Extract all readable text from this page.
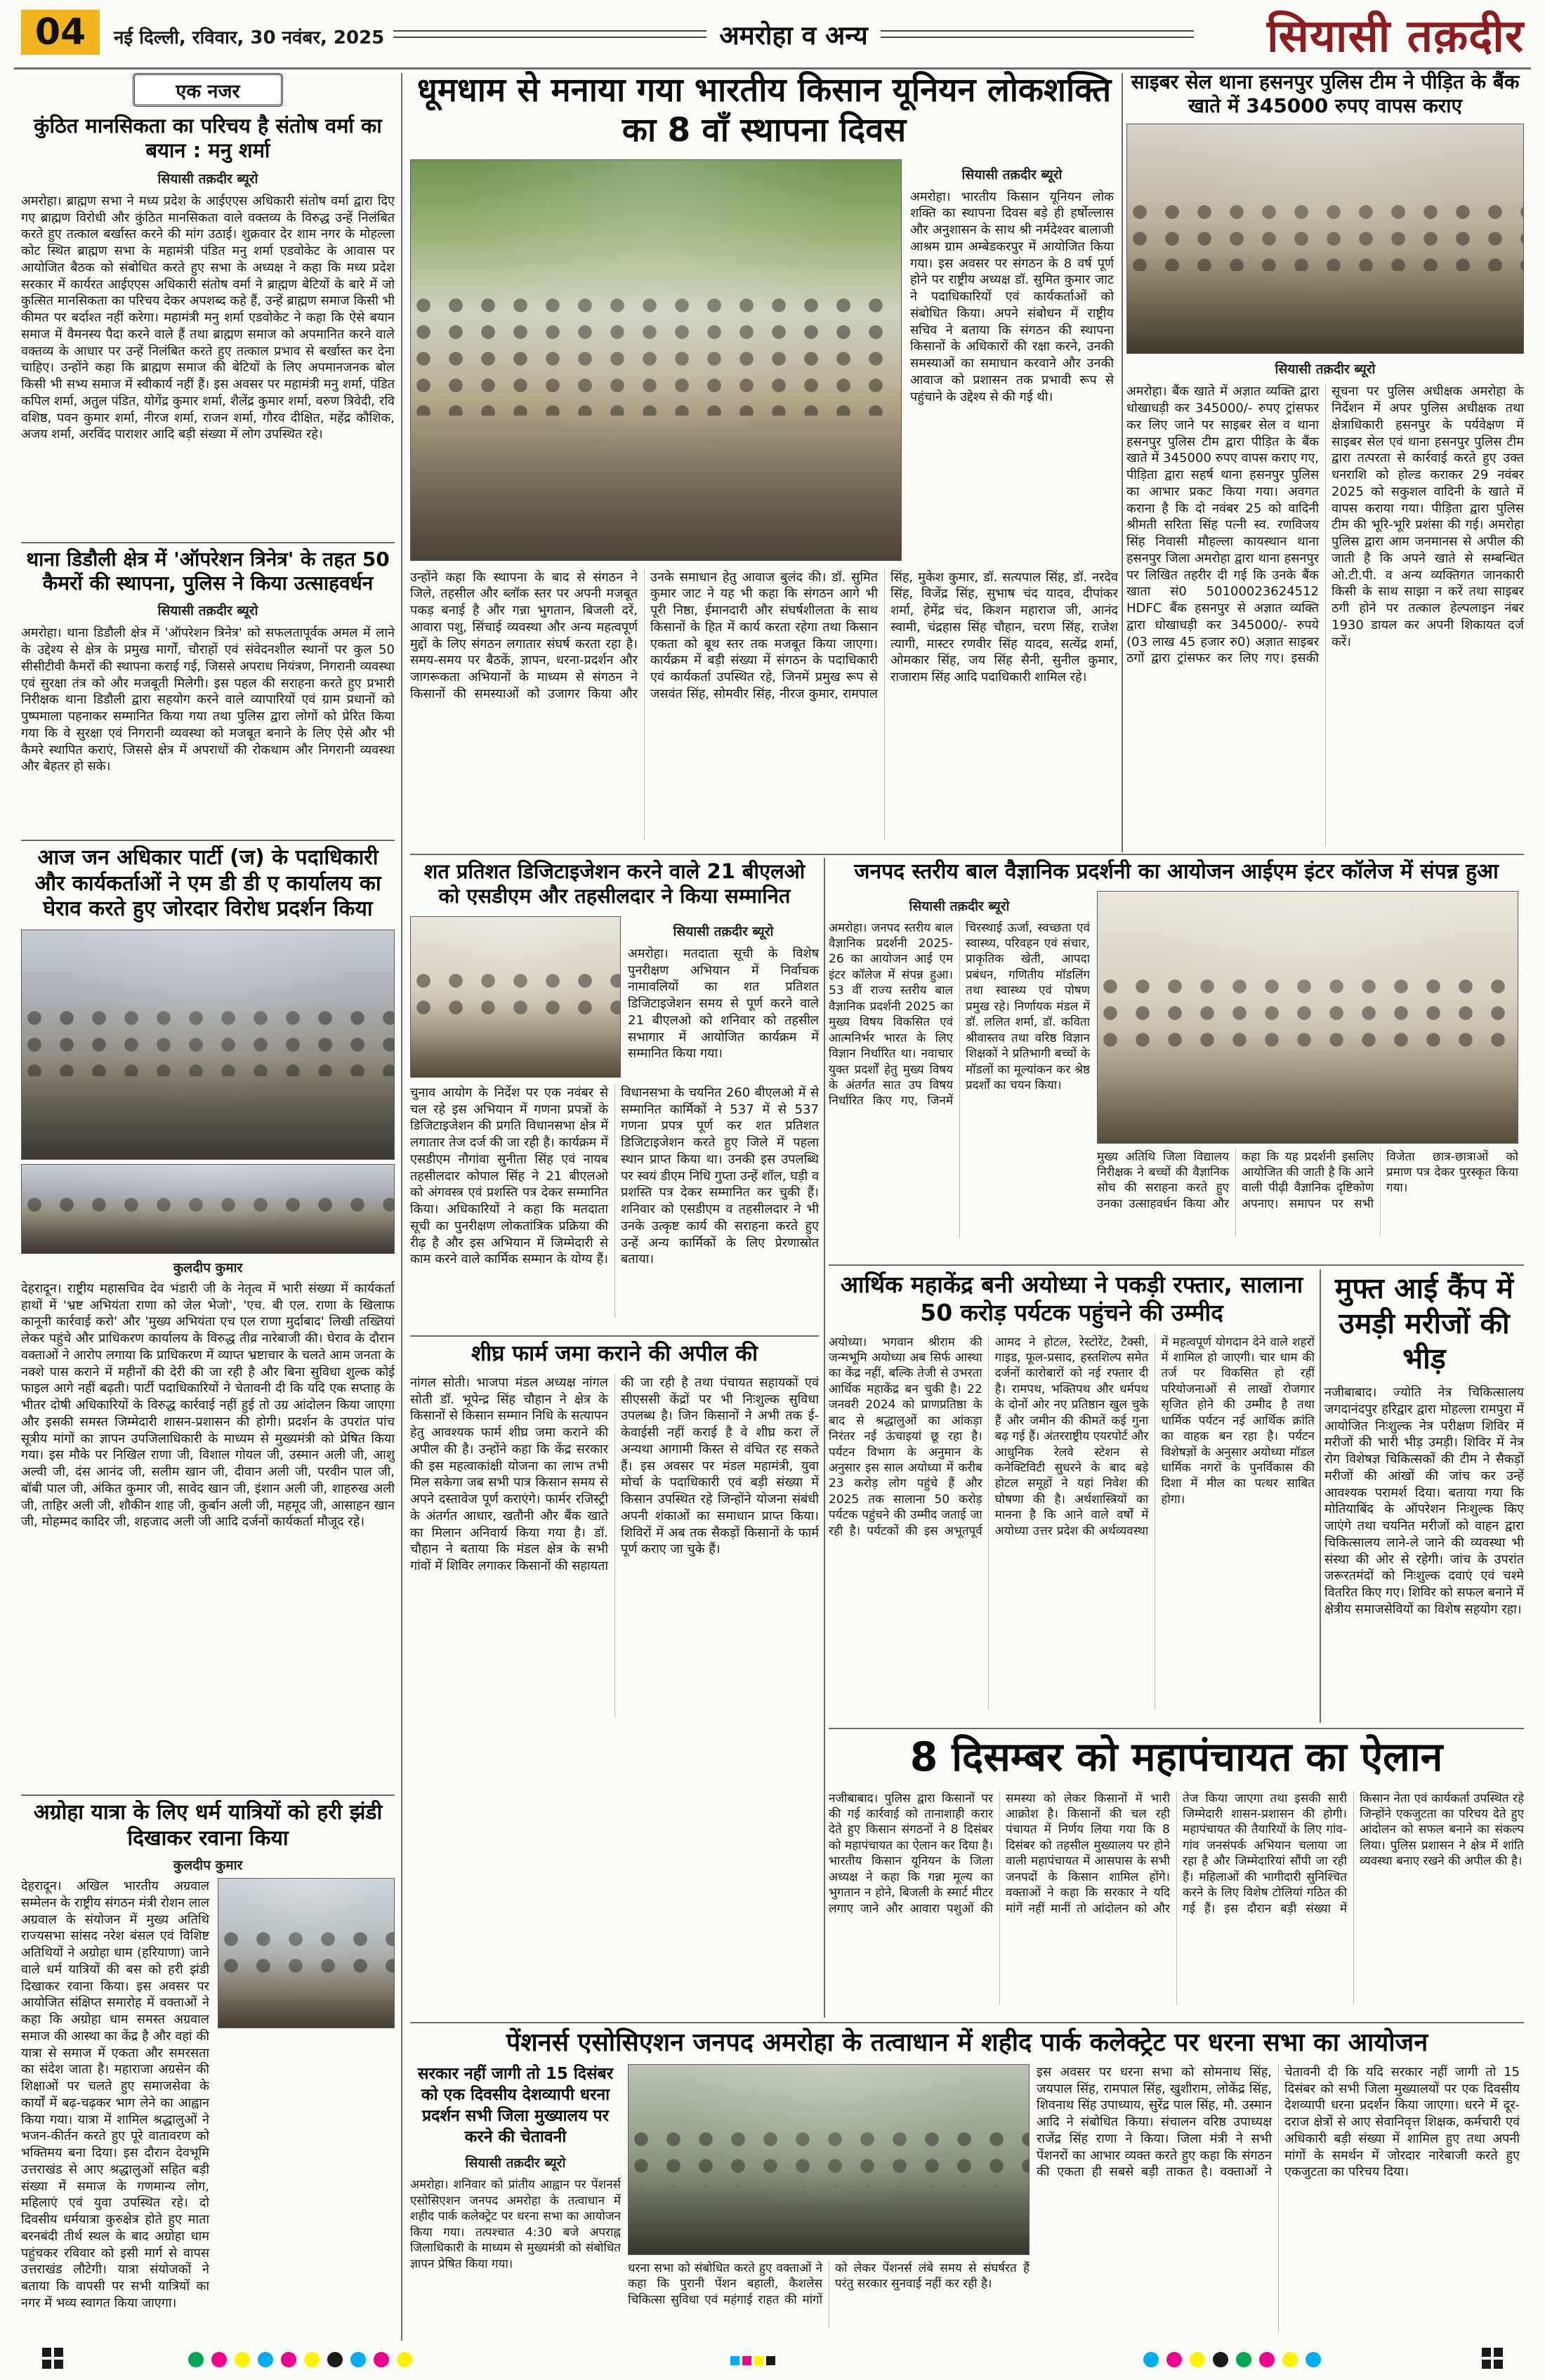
04	नई दिल्ली, रविवार, 30 नवंबर, 2025	अमरोहा व अन्य	सियासी तक़दीर
एक नजर
कुंठित मानसिकता का परिचय है संतोष वर्मा का बयान : मनु शर्मा
सियासी तक़दीर ब्यूरो
अमरोहा। ब्राह्मण सभा ने मध्य प्रदेश के आईएएस अधिकारी संतोष वर्मा द्वारा दिए गए ब्राह्मण विरोधी और कुंठित मानसिकता वाले वक्तव्य के विरुद्ध उन्हें निलंबित करते हुए तत्काल बर्खास्त करने की मांग उठाई। शुक्रवार देर शाम नगर के मोहल्ला कोट स्थित ब्राह्मण सभा के महामंत्री पंडित मनु शर्मा एडवोकेट के आवास पर आयोजित बैठक को संबोधित करते हुए सभा के अध्यक्ष ने कहा कि मध्य प्रदेश सरकार में कार्यरत आईएएस अधिकारी संतोष वर्मा ने ब्राह्मण बेटियों के बारे में जो कुत्सित मानसिकता का परिचय देकर अपशब्द कहे हैं, उन्हें ब्राह्मण समाज किसी भी कीमत पर बर्दाश्त नहीं करेगा। महामंत्री मनु शर्मा एडवोकेट ने कहा कि ऐसे बयान समाज में वैमनस्य पैदा करने वाले हैं तथा ब्राह्मण समाज को अपमानित करने वाले वक्तव्य के आधार पर उन्हें निलंबित करते हुए तत्काल प्रभाव से बर्खास्त कर देना चाहिए। उन्होंने कहा कि ब्राह्मण समाज की बेटियों के लिए अपमानजनक बोल किसी भी सभ्य समाज में स्वीकार्य नहीं हैं। इस अवसर पर महामंत्री मनु शर्मा, पंडित कपिल शर्मा, अतुल पंडित, योगेंद्र कुमार शर्मा, शैलेंद्र कुमार शर्मा, वरुण त्रिवेदी, रवि वशिष्ठ, पवन कुमार शर्मा, नीरज शर्मा, राजन शर्मा, गौरव दीक्षित, महेंद्र कौशिक, अजय शर्मा, अरविंद पाराशर आदि बड़ी संख्या में लोग उपस्थित रहे।
थाना डिडौली क्षेत्र में 'ऑपरेशन त्रिनेत्र' के तहत 50 कैमरों की स्थापना, पुलिस ने किया उत्साहवर्धन
सियासी तक़दीर ब्यूरो
अमरोहा। थाना डिडौली क्षेत्र में 'ऑपरेशन त्रिनेत्र' को सफलतापूर्वक अमल में लाने के उद्देश्य से क्षेत्र के प्रमुख मार्गों, चौराहों एवं संवेदनशील स्थानों पर कुल 50 सीसीटीवी कैमरों की स्थापना कराई गई, जिससे अपराध नियंत्रण, निगरानी व्यवस्था एवं सुरक्षा तंत्र को और मजबूती मिलेगी। इस पहल की सराहना करते हुए प्रभारी निरीक्षक थाना डिडौली द्वारा सहयोग करने वाले व्यापारियों एवं ग्राम प्रधानों को पुष्पमाला पहनाकर सम्मानित किया गया तथा पुलिस द्वारा लोगों को प्रेरित किया गया कि वे सुरक्षा एवं निगरानी व्यवस्था को मजबूत बनाने के लिए ऐसे और भी कैमरे स्थापित कराएं, जिससे क्षेत्र में अपराधों की रोकथाम और निगरानी व्यवस्था और बेहतर हो सके।
आज जन अधिकार पार्टी (ज) के पदाधिकारी और कार्यकर्ताओं ने एम डी डी ए कार्यालय का घेराव करते हुए जोरदार विरोध प्रदर्शन किया
कुलदीप कुमार
देहरादून। राष्ट्रीय महासचिव देव भंडारी जी के नेतृत्व में भारी संख्या में कार्यकर्ता हाथों में 'भ्रष्ट अभियंता राणा को जेल भेजो', 'एच. बी एल. राणा के खिलाफ कानूनी कार्रवाई करो' और 'मुख्य अभियंता एच एल राणा मुर्दाबाद' लिखी तख्तियां लेकर पहुंचे और प्राधिकरण कार्यालय के विरुद्ध तीव्र नारेबाजी की। घेराव के दौरान वक्ताओं ने आरोप लगाया कि प्राधिकरण में व्याप्त भ्रष्टाचार के चलते आम जनता के नक्शे पास कराने में महीनों की देरी की जा रही है और बिना सुविधा शुल्क कोई फाइल आगे नहीं बढ़ती। पार्टी पदाधिकारियों ने चेतावनी दी कि यदि एक सप्ताह के भीतर दोषी अधिकारियों के विरुद्ध कार्रवाई नहीं हुई तो उग्र आंदोलन किया जाएगा और इसकी समस्त जिम्मेदारी शासन-प्रशासन की होगी। प्रदर्शन के उपरांत पांच सूत्रीय मांगों का ज्ञापन उपजिलाधिकारी के माध्यम से मुख्यमंत्री को प्रेषित किया गया। इस मौके पर निखिल राणा जी, विशाल गोयल जी, उस्मान अली जी, आशु अल्वी जी, दंस आनंद जी, सलीम खान जी, दीवान अली जी, परवीन पाल जी, बॉबी पाल जी, अंकित कुमार जी, सावेद खान जी, इंशान अली जी, शाहरुख अली जी, ताहिर अली जी, शौकीन शाह जी, कुर्बान अली जी, महमूद जी, आसाहन खान जी, मोहम्मद कादिर जी, शहजाद अली जी आदि दर्जनों कार्यकर्ता मौजूद रहे।
अग्रोहा यात्रा के लिए धर्म यात्रियों को हरी झंडी दिखाकर रवाना किया
कुलदीप कुमार
देहरादून। अखिल भारतीय अग्रवाल सम्मेलन के राष्ट्रीय संगठन मंत्री रोशन लाल अग्रवाल के संयोजन में मुख्य अतिथि राज्यसभा सांसद नरेश बंसल एवं विशिष्ट अतिथियों ने अग्रोहा धाम (हरियाणा) जाने वाले धर्म यात्रियों की बस को हरी झंडी दिखाकर रवाना किया। इस अवसर पर आयोजित संक्षिप्त समारोह में वक्ताओं ने कहा कि अग्रोहा धाम समस्त अग्रवाल समाज की आस्था का केंद्र है और वहां की यात्रा से समाज में एकता और समरसता का संदेश जाता है। महाराजा अग्रसेन की शिक्षाओं पर चलते हुए समाजसेवा के कार्यों में बढ़-चढ़कर भाग लेने का आह्वान किया गया। यात्रा में शामिल श्रद्धालुओं ने भजन-कीर्तन करते हुए पूरे वातावरण को भक्तिमय बना दिया। इस दौरान देवभूमि उत्तराखंड से आए श्रद्धालुओं सहित बड़ी संख्या में समाज के गणमान्य लोग, महिलाएं एवं युवा उपस्थित रहे। दो दिवसीय धर्मयात्रा कुरुक्षेत्र होते हुए माता बरनबंदी तीर्थ स्थल के बाद अग्रोहा धाम पहुंचकर रविवार को इसी मार्ग से वापस उत्तराखंड लौटेगी। यात्रा संयोजकों ने बताया कि वापसी पर सभी यात्रियों का नगर में भव्य स्वागत किया जाएगा।
धूमधाम से मनाया गया भारतीय किसान यूनियन लोकशक्ति का 8 वाँ स्थापना दिवस
सियासी तक़दीर ब्यूरो
अमरोहा। भारतीय किसान यूनियन लोक शक्ति का स्थापना दिवस बड़े ही हर्षोल्लास और अनुशासन के साथ श्री नर्मदेश्वर बालाजी आश्रम ग्राम अम्बेडकरपुर में आयोजित किया गया। इस अवसर पर संगठन के 8 वर्ष पूर्ण होने पर राष्ट्रीय अध्यक्ष डॉ. सुमित कुमार जाट ने पदाधिकारियों एवं कार्यकर्ताओं को संबोधित किया। अपने संबोधन में राष्ट्रीय सचिव ने बताया कि संगठन की स्थापना किसानों के अधिकारों की रक्षा करने, उनकी समस्याओं का समाधान करवाने और उनकी आवाज को प्रशासन तक प्रभावी रूप से पहुंचाने के उद्देश्य से की गई थी।
उन्होंने कहा कि स्थापना के बाद से संगठन ने जिले, तहसील और ब्लॉक स्तर पर अपनी मजबूत पकड़ बनाई है और गन्ना भुगतान, बिजली दरें, आवारा पशु, सिंचाई व्यवस्था और अन्य महत्वपूर्ण मुद्दों के लिए संगठन लगातार संघर्ष करता रहा है। समय-समय पर बैठकें, ज्ञापन, धरना-प्रदर्शन और जागरूकता अभियानों के माध्यम से संगठन ने किसानों की समस्याओं को उजागर किया और उनके समाधान हेतु आवाज बुलंद की। डॉ. सुमित कुमार जाट ने यह भी कहा कि संगठन आगे भी पूरी निष्ठा, ईमानदारी और संघर्षशीलता के साथ किसानों के हित में कार्य करता रहेगा तथा किसान एकता को बूथ स्तर तक मजबूत किया जाएगा। कार्यक्रम में बड़ी संख्या में संगठन के पदाधिकारी एवं कार्यकर्ता उपस्थित रहे, जिनमें प्रमुख रूप से जसवंत सिंह, सोमवीर सिंह, नीरज कुमार, रामपाल सिंह, मुकेश कुमार, डॉ. सत्यपाल सिंह, डॉ. नरदेव सिंह, विजेंद्र सिंह, सुभाष चंद यादव, दीपांकर शर्मा, हेमेंद्र चंद, किशन महाराज जी, आनंद स्वामी, चंद्रहास सिंह चौहान, चरण सिंह, राजेश त्यागी, मास्टर रणवीर सिंह यादव, सत्येंद्र शर्मा, ओमकार सिंह, जय सिंह सैनी, सुनील कुमार, राजाराम सिंह आदि पदाधिकारी शामिल रहे।
साइबर सेल थाना हसनपुर पुलिस टीम ने पीड़ित के बैंक खाते में 345000 रुपए वापस कराए
सियासी तक़दीर ब्यूरो
अमरोहा। बैंक खाते में अज्ञात व्यक्ति द्वारा धोखाधड़ी कर 345000/- रुपए ट्रांसफर कर लिए जाने पर साइबर सेल व थाना हसनपुर पुलिस टीम द्वारा पीड़ित के बैंक खाते में 345000 रुपए वापस कराए गए, पीड़िता द्वारा सहर्ष थाना हसनपुर पुलिस का आभार प्रकट किया गया। अवगत कराना है कि दो नवंबर 25 को वादिनी श्रीमती सरिता सिंह पत्नी स्व. रणविजय सिंह निवासी मौहल्ला कायस्थान थाना हसनपुर जिला अमरोहा द्वारा थाना हसनपुर पर लिखित तहरीर दी गई कि उनके बैंक खाता सं0 50100023624512 HDFC बैंक हसनपुर से अज्ञात व्यक्ति द्वारा धोखाधड़ी कर 345000/- रुपये (03 लाख 45 हजार रु0) अज्ञात साइबर ठगों द्वारा ट्रांसफर कर लिए गए। इसकी सूचना पर पुलिस अधीक्षक अमरोहा के निर्देशन में अपर पुलिस अधीक्षक तथा क्षेत्राधिकारी हसनपुर के पर्यवेक्षण में साइबर सेल एवं थाना हसनपुर पुलिस टीम द्वारा तत्परता से कार्रवाई करते हुए उक्त धनराशि को होल्ड कराकर 29 नवंबर 2025 को सकुशल वादिनी के खाते में वापस कराया गया। पीड़िता द्वारा पुलिस टीम की भूरि-भूरि प्रशंसा की गई। अमरोहा पुलिस द्वारा आम जनमानस से अपील की जाती है कि अपने खाते से सम्बन्धित ओ.टी.पी. व अन्य व्यक्तिगत जानकारी किसी के साथ साझा न करें तथा साइबर ठगी होने पर तत्काल हेल्पलाइन नंबर 1930 डायल कर अपनी शिकायत दर्ज करें।
शत प्रतिशत डिजिटाइजेशन करने वाले 21 बीएलओ को एसडीएम और तहसीलदार ने किया सम्मानित
सियासी तक़दीर ब्यूरो
अमरोहा। मतदाता सूची के विशेष पुनरीक्षण अभियान में निर्वाचक नामावलियों का शत प्रतिशत डिजिटाइजेशन समय से पूर्ण करने वाले 21 बीएलओ को शनिवार को तहसील सभागार में आयोजित कार्यक्रम में सम्मानित किया गया।
चुनाव आयोग के निर्देश पर एक नवंबर से चल रहे इस अभियान में गणना प्रपत्रों के डिजिटाइजेशन की प्रगति विधानसभा क्षेत्र में लगातार तेज दर्ज की जा रही है। कार्यक्रम में एसडीएम नौगांवा सुनीता सिंह एवं नायब तहसीलदार कोपाल सिंह ने 21 बीएलओ को अंगवस्त्र एवं प्रशस्ति पत्र देकर सम्मानित किया। अधिकारियों ने कहा कि मतदाता सूची का पुनरीक्षण लोकतांत्रिक प्रक्रिया की रीढ़ है और इस अभियान में जिम्मेदारी से काम करने वाले कार्मिक सम्मान के योग्य हैं। विधानसभा के चयनित 260 बीएलओ में से सम्मानित कार्मिकों ने 537 में से 537 गणना प्रपत्र पूर्ण कर शत प्रतिशत डिजिटाइजेशन करते हुए जिले में पहला स्थान प्राप्त किया था। उनकी इस उपलब्धि पर स्वयं डीएम निधि गुप्ता उन्हें शॉल, घड़ी व प्रशस्ति पत्र देकर सम्मानित कर चुकी हैं। शनिवार को एसडीएम व तहसीलदार ने भी उनके उत्कृष्ट कार्य की सराहना करते हुए उन्हें अन्य कार्मिकों के लिए प्रेरणास्रोत बताया।
जनपद स्तरीय बाल वैज्ञानिक प्रदर्शनी का आयोजन आईएम इंटर कॉलेज में संपन्न हुआ
सियासी तक़दीर ब्यूरो
अमरोहा। जनपद स्तरीय बाल वैज्ञानिक प्रदर्शनी 2025-26 का आयोजन आई एम इंटर कॉलेज में संपन्न हुआ। 53 वीं राज्य स्तरीय बाल वैज्ञानिक प्रदर्शनी 2025 का मुख्य विषय विकसित एवं आत्मनिर्भर भारत के लिए विज्ञान निर्धारित था। नवाचार युक्त प्रदर्शों हेतु मुख्य विषय के अंतर्गत सात उप विषय निर्धारित किए गए, जिनमें चिरस्थाई ऊर्जा, स्वच्छता एवं स्वास्थ्य, परिवहन एवं संचार, प्राकृतिक खेती, आपदा प्रबंधन, गणितीय मॉडलिंग तथा स्वास्थ्य एवं पोषण प्रमुख रहे। निर्णायक मंडल में डॉ. ललित शर्मा, डॉ. कविता श्रीवास्तव तथा वरिष्ठ विज्ञान शिक्षकों ने प्रतिभागी बच्चों के मॉडलों का मूल्यांकन कर श्रेष्ठ प्रदर्शों का चयन किया।
मुख्य अतिथि जिला विद्यालय निरीक्षक ने बच्चों की वैज्ञानिक सोच की सराहना करते हुए उनका उत्साहवर्धन किया और कहा कि यह प्रदर्शनी इसलिए आयोजित की जाती है कि आने वाली पीढ़ी वैज्ञानिक दृष्टिकोण अपनाए। समापन पर सभी विजेता छात्र-छात्राओं को प्रमाण पत्र देकर पुरस्कृत किया गया।
आर्थिक महाकेंद्र बनी अयोध्या ने पकड़ी रफ्तार, सालाना 50 करोड़ पर्यटक पहुंचने की उम्मीद
अयोध्या। भगवान श्रीराम की जन्मभूमि अयोध्या अब सिर्फ आस्था का केंद्र नहीं, बल्कि तेजी से उभरता आर्थिक महाकेंद्र बन चुकी है। 22 जनवरी 2024 को प्राणप्रतिष्ठा के बाद से श्रद्धालुओं का आंकड़ा निरंतर नई ऊंचाइयां छू रहा है। पर्यटन विभाग के अनुमान के अनुसार इस साल अयोध्या में करीब 23 करोड़ लोग पहुंचे हैं और 2025 तक सालाना 50 करोड़ पर्यटक पहुंचने की उम्मीद जताई जा रही है। पर्यटकों की इस अभूतपूर्व आमद ने होटल, रेस्टोरेंट, टैक्सी, गाइड, फूल-प्रसाद, हस्तशिल्प समेत दर्जनों कारोबारों को नई रफ्तार दी है। रामपथ, भक्तिपथ और धर्मपथ के दोनों ओर नए प्रतिष्ठान खुल चुके हैं और जमीन की कीमतें कई गुना बढ़ गई हैं। अंतरराष्ट्रीय एयरपोर्ट और आधुनिक रेलवे स्टेशन से कनेक्टिविटी सुधरने के बाद बड़े होटल समूहों ने यहां निवेश की घोषणा की है। अर्थशास्त्रियों का मानना है कि आने वाले वर्षों में अयोध्या उत्तर प्रदेश की अर्थव्यवस्था में महत्वपूर्ण योगदान देने वाले शहरों में शामिल हो जाएगी। चार धाम की तर्ज पर विकसित हो रहीं परियोजनाओं से लाखों रोजगार सृजित होने की उम्मीद है तथा धार्मिक पर्यटन नई आर्थिक क्रांति का वाहक बन रहा है। पर्यटन विशेषज्ञों के अनुसार अयोध्या मॉडल धार्मिक नगरों के पुनर्विकास की दिशा में मील का पत्थर साबित होगा।
मुफ्त आई कैंप में उमड़ी मरीजों की भीड़
नजीबाबाद। ज्योति नेत्र चिकित्सालय जगदानंदपुर हरिद्वार द्वारा मोहल्ला रामपुरा में आयोजित निःशुल्क नेत्र परीक्षण शिविर में मरीजों की भारी भीड़ उमड़ी। शिविर में नेत्र रोग विशेषज्ञ चिकित्सकों की टीम ने सैकड़ों मरीजों की आंखों की जांच कर उन्हें आवश्यक परामर्श दिया। बताया गया कि मोतियाबिंद के ऑपरेशन निःशुल्क किए जाएंगे तथा चयनित मरीजों को वाहन द्वारा चिकित्सालय लाने-ले जाने की व्यवस्था भी संस्था की ओर से रहेगी। जांच के उपरांत जरूरतमंदों को निःशुल्क दवाएं एवं चश्मे वितरित किए गए। शिविर को सफल बनाने में क्षेत्रीय समाजसेवियों का विशेष सहयोग रहा।
8 दिसम्बर को महापंचायत का ऐलान
नजीबाबाद। पुलिस द्वारा किसानों पर की गई कार्रवाई को तानाशाही करार देते हुए किसान संगठनों ने 8 दिसंबर को महापंचायत का ऐलान कर दिया है। भारतीय किसान यूनियन के जिला अध्यक्ष ने कहा कि गन्ना मूल्य का भुगतान न होने, बिजली के स्मार्ट मीटर लगाए जाने और आवारा पशुओं की समस्या को लेकर किसानों में भारी आक्रोश है। किसानों की चल रही पंचायत में निर्णय लिया गया कि 8 दिसंबर को तहसील मुख्यालय पर होने वाली महापंचायत में आसपास के सभी जनपदों के किसान शामिल होंगे। वक्ताओं ने कहा कि सरकार ने यदि मांगें नहीं मानीं तो आंदोलन को और तेज किया जाएगा तथा इसकी सारी जिम्मेदारी शासन-प्रशासन की होगी। महापंचायत की तैयारियों के लिए गांव-गांव जनसंपर्क अभियान चलाया जा रहा है और जिम्मेदारियां सौंपी जा रही हैं। महिलाओं की भागीदारी सुनिश्चित करने के लिए विशेष टोलियां गठित की गई हैं। इस दौरान बड़ी संख्या में किसान नेता एवं कार्यकर्ता उपस्थित रहे जिन्होंने एकजुटता का परिचय देते हुए आंदोलन को सफल बनाने का संकल्प लिया। पुलिस प्रशासन ने क्षेत्र में शांति व्यवस्था बनाए रखने की अपील की है।
शीघ्र फार्म जमा कराने की अपील की
नांगल सोती। भाजपा मंडल अध्यक्ष नांगल सोती डॉ. भूपेन्द्र सिंह चौहान ने क्षेत्र के किसानों से किसान सम्मान निधि के सत्यापन हेतु आवश्यक फार्म शीघ्र जमा कराने की अपील की है। उन्होंने कहा कि केंद्र सरकार की इस महत्वाकांक्षी योजना का लाभ तभी मिल सकेगा जब सभी पात्र किसान समय से अपने दस्तावेज पूर्ण कराएंगे। फार्मर रजिस्ट्री के अंतर्गत आधार, खतौनी और बैंक खाते का मिलान अनिवार्य किया गया है। डॉ. चौहान ने बताया कि मंडल क्षेत्र के सभी गांवों में शिविर लगाकर किसानों की सहायता की जा रही है तथा पंचायत सहायकों एवं सीएससी केंद्रों पर भी निःशुल्क सुविधा उपलब्ध है। जिन किसानों ने अभी तक ई-केवाईसी नहीं कराई है वे शीघ्र करा लें अन्यथा आगामी किस्त से वंचित रह सकते हैं। इस अवसर पर मंडल महामंत्री, युवा मोर्चा के पदाधिकारी एवं बड़ी संख्या में किसान उपस्थित रहे जिन्होंने योजना संबंधी अपनी शंकाओं का समाधान प्राप्त किया। शिविरों में अब तक सैकड़ों किसानों के फार्म पूर्ण कराए जा चुके हैं।
पेंशनर्स एसोसिएशन जनपद अमरोहा के तत्वाधान में शहीद पार्क कलेक्ट्रेट पर धरना सभा का आयोजन
सरकार नहीं जागी तो 15 दिसंबर को एक दिवसीय देशव्यापी धरना प्रदर्शन सभी जिला मुख्यालय पर करने की चेतावनी
सियासी तक़दीर ब्यूरो
अमरोहा। शनिवार को प्रांतीय आह्वान पर पेंशनर्स एसोसिएशन जनपद अमरोहा के तत्वाधान में शहीद पार्क कलेक्ट्रेट पर धरना सभा का आयोजन किया गया। तत्पश्चात 4:30 बजे अपराह्न जिलाधिकारी के माध्यम से मुख्यमंत्री को संबोधित ज्ञापन प्रेषित किया गया।	धरना सभा को संबोधित करते हुए वक्ताओं ने कहा कि पुरानी पेंशन बहाली, कैशलेस चिकित्सा सुविधा एवं महंगाई राहत की मांगों को लेकर पेंशनर्स लंबे समय से संघर्षरत हैं परंतु सरकार सुनवाई नहीं कर रही है।
इस अवसर पर धरना सभा को सोमनाथ सिंह, जयपाल सिंह, रामपाल सिंह, खुशीराम, लोकेंद्र सिंह, शिवनाथ सिंह उपाध्याय, सुरेंद्र पाल सिंह, मौ. उस्मान आदि ने संबोधित किया। संचालन वरिष्ठ उपाध्यक्ष राजेंद्र सिंह राणा ने किया। जिला मंत्री ने सभी पेंशनरों का आभार व्यक्त करते हुए कहा कि संगठन की एकता ही सबसे बड़ी ताकत है। वक्ताओं ने चेतावनी दी कि यदि सरकार नहीं जागी तो 15 दिसंबर को सभी जिला मुख्यालयों पर एक दिवसीय देशव्यापी धरना प्रदर्शन किया जाएगा। धरने में दूर-दराज क्षेत्रों से आए सेवानिवृत्त शिक्षक, कर्मचारी एवं अधिकारी बड़ी संख्या में शामिल हुए तथा अपनी मांगों के समर्थन में जोरदार नारेबाजी करते हुए एकजुटता का परिचय दिया।
